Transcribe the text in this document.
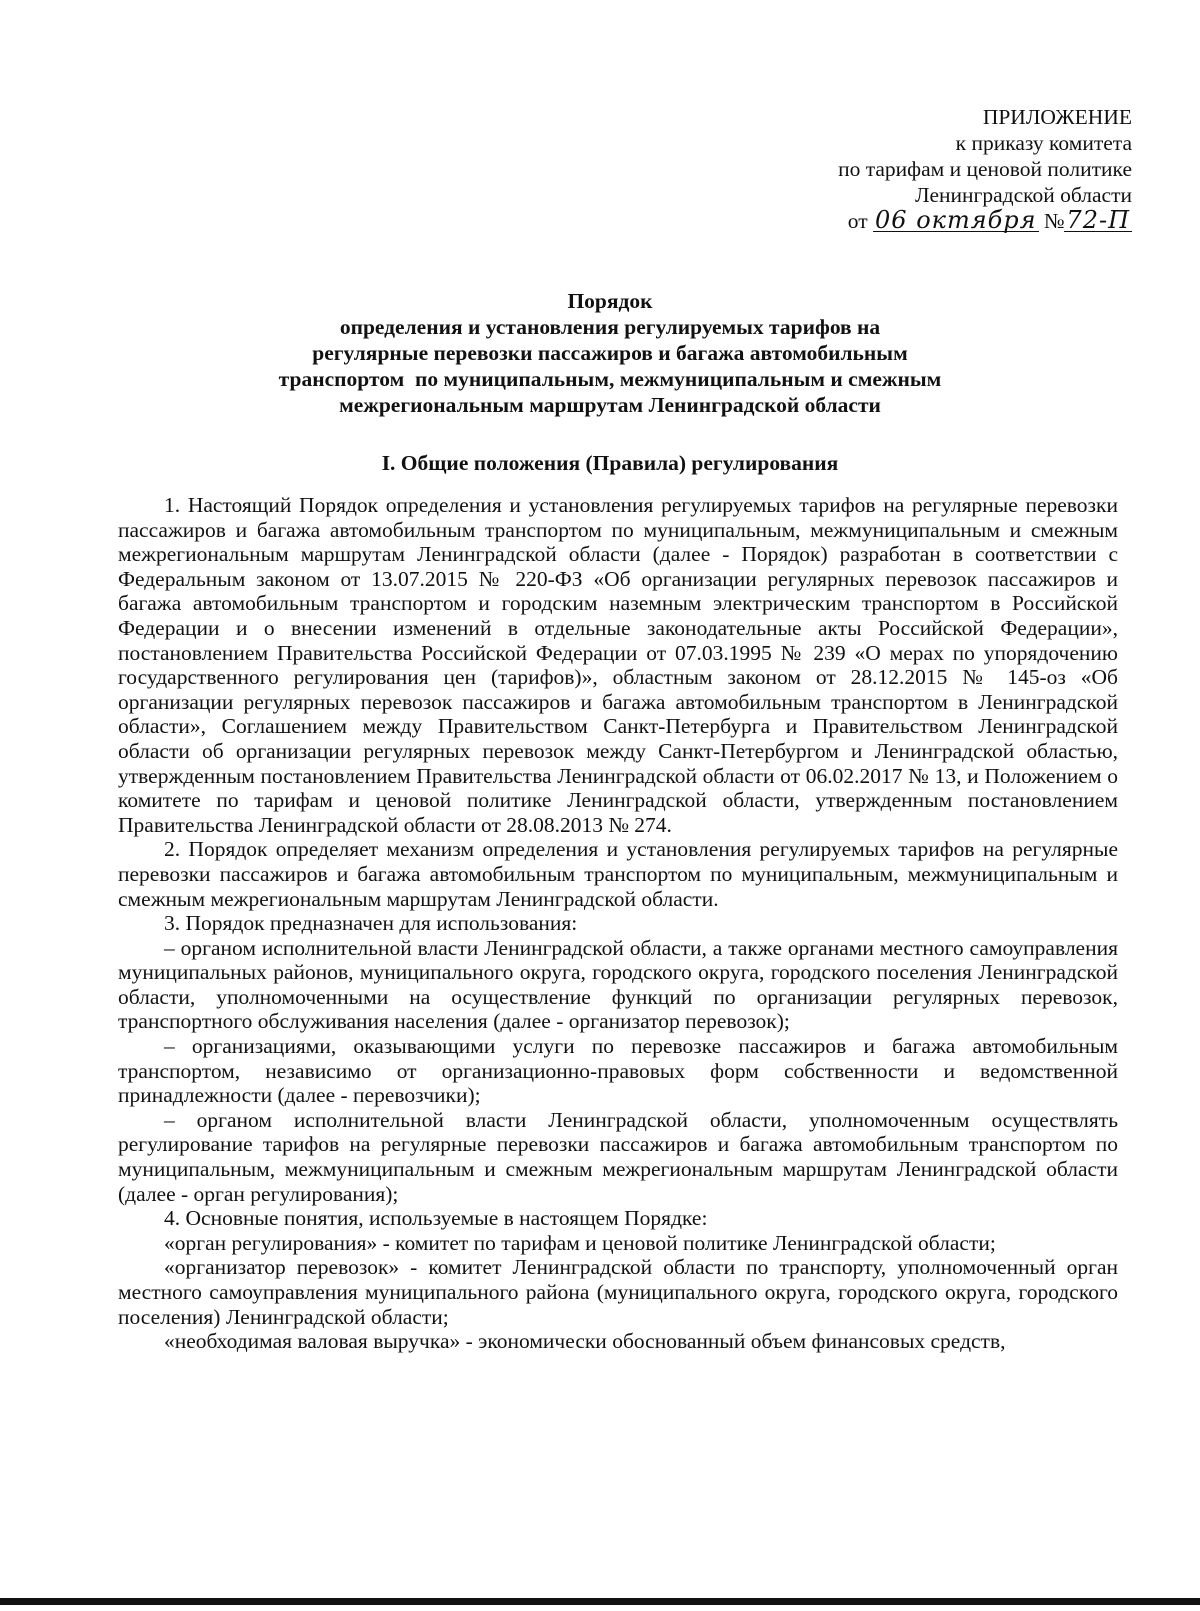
ПРИЛОЖЕНИЕ
к приказу комитета
по тарифам и ценовой политике
Ленинградской области
от 06 октября №72-П
Порядок
определения и установления регулируемых тарифов на
регулярные перевозки пассажиров и багажа автомобильным
транспортом  по муниципальным, межмуниципальным и смежным
межрегиональным маршрутам Ленинградской области
I. Общие положения (Правила) регулирования

1. Настоящий Порядок определения и установления регулируемых тарифов на регулярные перевозки пассажиров и багажа автомобильным транспортом по муниципальным, межмуниципальным и смежным межрегиональным маршрутам Ленинградской области (далее - Порядок) разработан в соответствии с Федеральным законом от 13.07.2015 № 220-ФЗ «Об организации регулярных перевозок пассажиров и багажа автомобильным транспортом и городским наземным электрическим транспортом в Российской Федерации и о внесении изменений в отдельные законодательные акты Российской Федерации», постановлением Правительства Российской Федерации от 07.03.1995 № 239 «О мерах по упорядочению государственного регулирования цен (тарифов)», областным законом от 28.12.2015 № 145-оз «Об организации регулярных перевозок пассажиров и багажа автомобильным транспортом в Ленинградской области», Соглашением между Правительством Санкт-Петербурга и Правительством Ленинградской области об организации регулярных перевозок между Санкт-Петербургом и Ленинградской областью, утвержденным постановлением Правительства Ленинградской области от 06.02.2017 № 13, и Положением о комитете по тарифам и ценовой политике Ленинградской области, утвержденным постановлением Правительства Ленинградской области от 28.08.2013 № 274.

2. Порядок определяет механизм определения и установления регулируемых тарифов на регулярные перевозки пассажиров и багажа автомобильным транспортом по муниципальным, межмуниципальным и смежным межрегиональным маршрутам Ленинградской области.

3. Порядок предназначен для использования:

– органом исполнительной власти Ленинградской области, а также органами местного самоуправления муниципальных районов, муниципального округа, городского округа, городского поселения Ленинградской области, уполномоченными на осуществление функций по организации регулярных перевозок, транспортного обслуживания населения (далее - организатор перевозок);

– организациями, оказывающими услуги по перевозке пассажиров и багажа автомобильным транспортом, независимо от организационно-правовых форм собственности и ведомственной принадлежности (далее - перевозчики);

– органом исполнительной власти Ленинградской области, уполномоченным осуществлять регулирование тарифов на регулярные перевозки пассажиров и багажа автомобильным транспортом по муниципальным, межмуниципальным и смежным межрегиональным маршрутам Ленинградской области (далее - орган регулирования);

4. Основные понятия, используемые в настоящем Порядке:

«орган регулирования» - комитет по тарифам и ценовой политике Ленинградской области;

«организатор перевозок» - комитет Ленинградской области по транспорту, уполномоченный орган местного самоуправления муниципального района (муниципального округа, городского округа, городского поселения) Ленинградской области;

«необходимая валовая выручка» - экономически обоснованный объем финансовых средств,
